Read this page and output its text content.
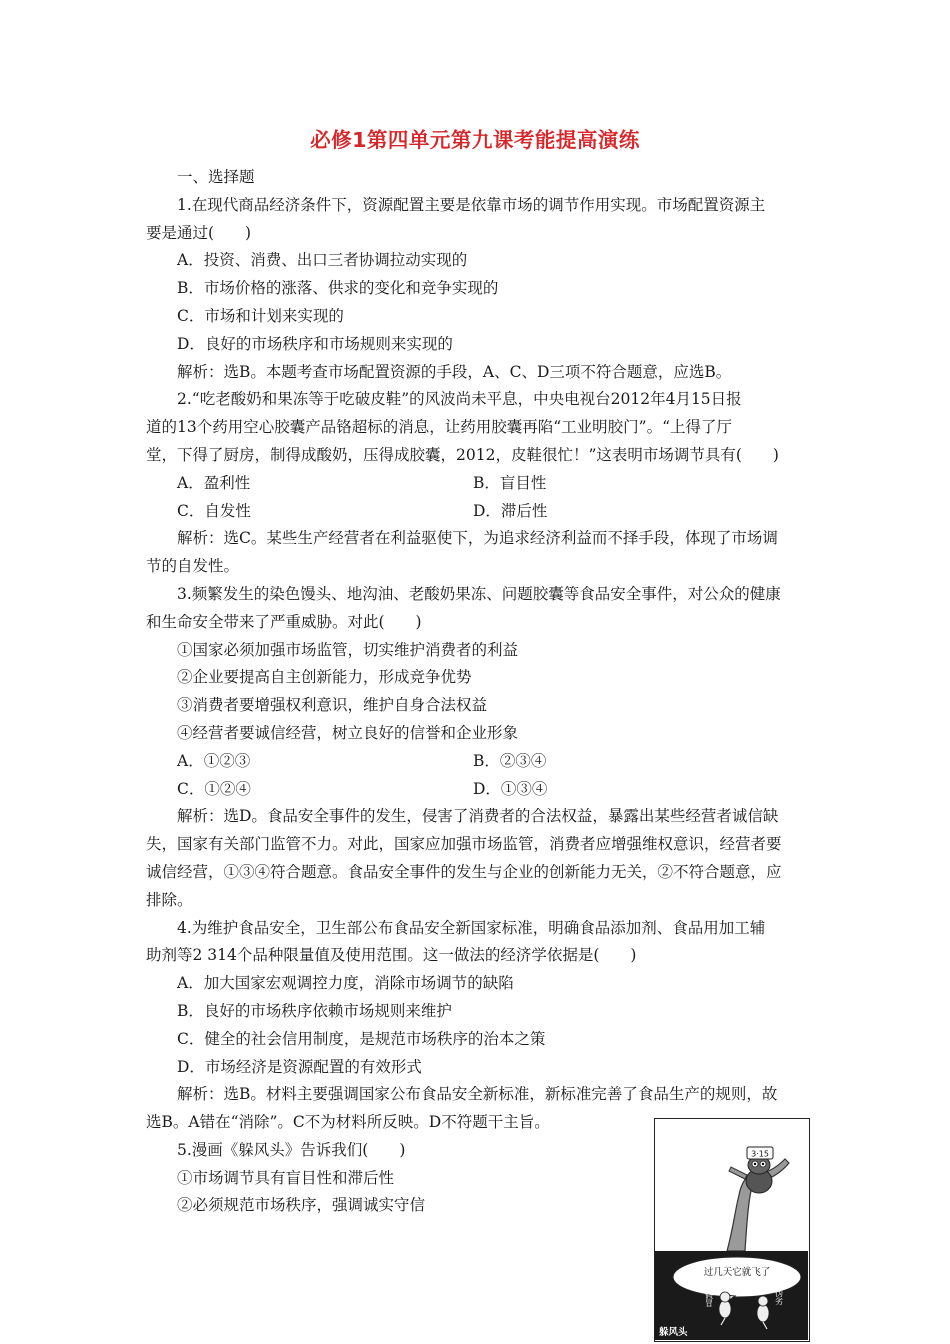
必修1第四单元第九课考能提高演练
一、选择题
1.在现代商品经济条件下，资源配置主要是依靠市场的调节作用实现。市场配置资源主
要是通过(　　)
A．投资、消费、出口三者协调拉动实现的
B．市场价格的涨落、供求的变化和竞争实现的
C．市场和计划来实现的
D．良好的市场秩序和市场规则来实现的
解析：选B。本题考查市场配置资源的手段，A、C、D三项不符合题意，应选B。
2.“吃老酸奶和果冻等于吃破皮鞋”的风波尚未平息，中央电视台2012年4月15日报
道的13个药用空心胶囊产品铬超标的消息，让药用胶囊再陷“工业明胶门”。“上得了厅
堂，下得了厨房，制得成酸奶，压得成胶囊，2012，皮鞋很忙！”这表明市场调节具有(　　)
A．盈利性	B．盲目性
C．自发性	D．滞后性
解析：选C。某些生产经营者在利益驱使下，为追求经济利益而不择手段，体现了市场调
节的自发性。
3.频繁发生的染色馒头、地沟油、老酸奶果冻、问题胶囊等食品安全事件，对公众的健康
和生命安全带来了严重威胁。对此(　　)
①国家必须加强市场监管，切实维护消费者的利益
②企业要提高自主创新能力，形成竞争优势
③消费者要增强权利意识，维护自身合法权益
④经营者要诚信经营，树立良好的信誉和企业形象
A．①②③	B．②③④
C．①②④	D．①③④
解析：选D。食品安全事件的发生，侵害了消费者的合法权益，暴露出某些经营者诚信缺
失，国家有关部门监管不力。对此，国家应加强市场监管，消费者应增强维权意识，经营者要
诚信经营，①③④符合题意。食品安全事件的发生与企业的创新能力无关，②不符合题意，应
排除。
4.为维护食品安全，卫生部公布食品安全新国家标准，明确食品添加剂、食品用加工辅
助剂等2 314个品种限量值及使用范围。这一做法的经济学依据是(　　)
A．加大国家宏观调控力度，消除市场调节的缺陷
B．良好的市场秩序依赖市场规则来维护
C．健全的社会信用制度，是规范市场秩序的治本之策
D．市场经济是资源配置的有效形式
解析：选B。材料主要强调国家公布食品安全新标准，新标准完善了食品生产的规则，故
选B。A错在“消除”。C不为材料所反映。D不符题干主旨。
5.漫画《躲风头》告诉我们(　　)
①市场调节具有盲目性和滞后性
②必须规范市场秩序，强调诚实守信
3·15
过几天它就飞了
假冒	伪劣
躲风头
